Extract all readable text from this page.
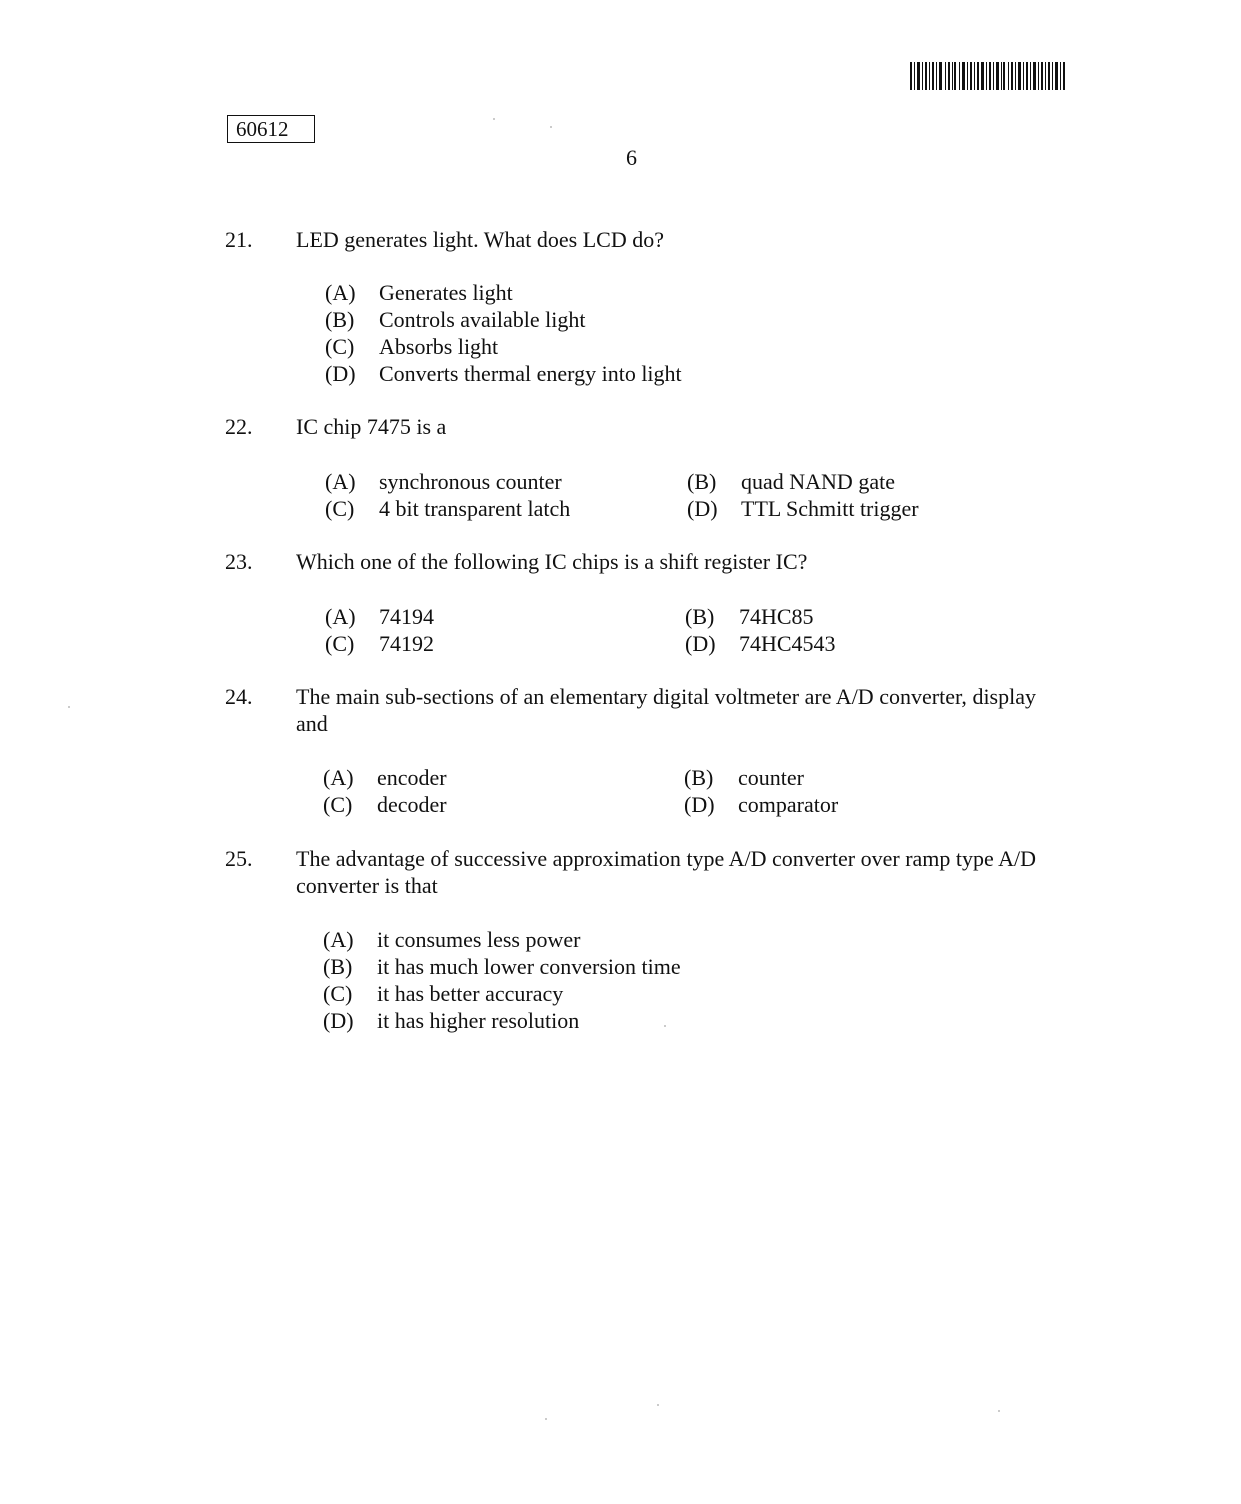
60612
6
21. LED generates light. What does LCD do?
(A) Generates light
(B) Controls available light
(C) Absorbs light
(D) Converts thermal energy into light
22. IC chip 7475 is a
(A) synchronous counter	(B) quad NAND gate
(C) 4 bit transparent latch	(D) TTL Schmitt trigger
23. Which one of the following IC chips is a shift register IC?
(A) 74194	(B) 74HC85
(C) 74192	(D) 74HC4543
24. The main sub-sections of an elementary digital voltmeter are A/D converter, display and
(A) encoder	(B) counter
(C) decoder	(D) comparator
25. The advantage of successive approximation type A/D converter over ramp type A/D converter is that
(A) it consumes less power
(B) it has much lower conversion time
(C) it has better accuracy
(D) it has higher resolution
